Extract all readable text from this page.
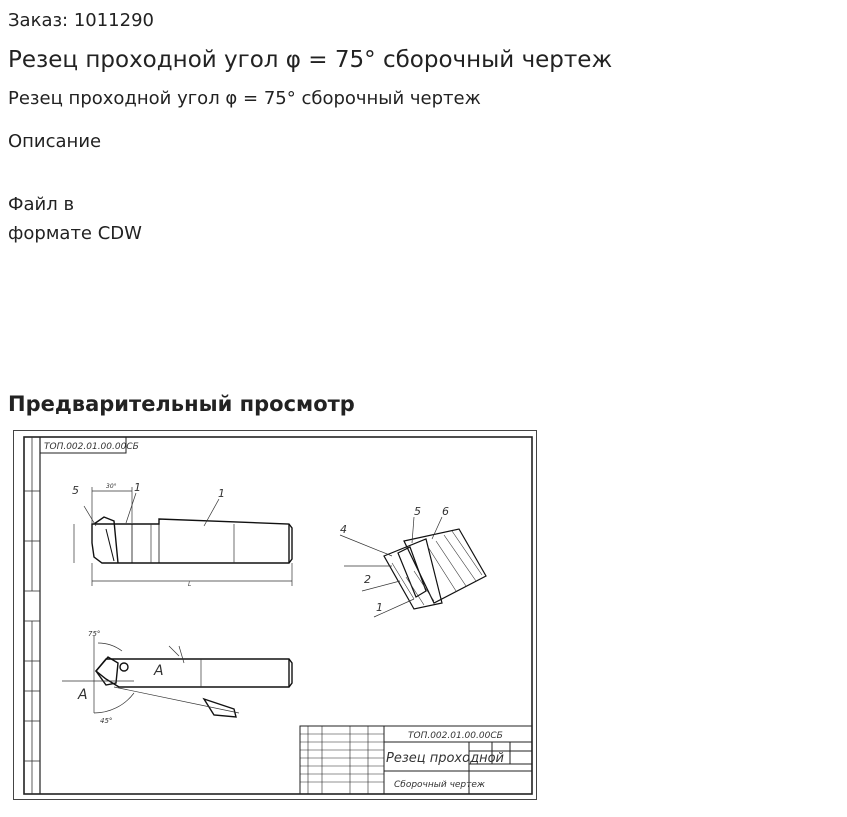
Заказ: 1011290
Резец проходной угол φ = 75° сборочный чертеж
Резец проходной угол φ = 75° сборочный чертеж
Описание
Файл в
формате CDW
Предварительный просмотр
ТОП.002.01.00.00СБ
5	1	1
30°
L
4
5 6
2
1
А
А
75°
45°
ТОП.002.01.00.00СБ
Резец проходной
Сборочный чертеж
